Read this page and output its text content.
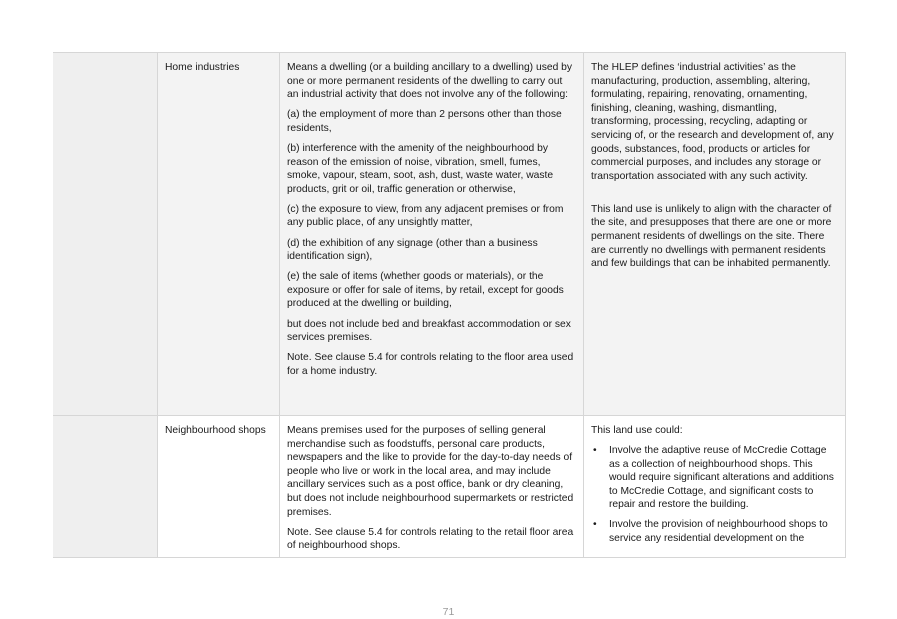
Home industries	Means a dwelling (or a building ancillary to a dwelling) used by one or more permanent residents of the dwelling to carry out an industrial activity that does not involve any of the following:

(a) the employment of more than 2 persons other than those residents,

(b) interference with the amenity of the neighbourhood by reason of the emission of noise, vibration, smell, fumes, smoke, vapour, steam, soot, ash, dust, waste water, waste products, grit or oil, traffic generation or otherwise,

(c) the exposure to view, from any adjacent premises or from any public place, of any unsightly matter,

(d) the exhibition of any signage (other than a business identification sign),

(e) the sale of items (whether goods or materials), or the exposure or offer for sale of items, by retail, except for goods produced at the dwelling or building,

but does not include bed and breakfast accommodation or sex services premises.

Note. See clause 5.4 for controls relating to the floor area used for a home industry.

The HLEP defines ‘industrial activities’ as the manufacturing, production, assembling, altering, formulating, repairing, renovating, ornamenting, finishing, cleaning, washing, dismantling, transforming, processing, recycling, adapting or servicing of, or the research and development of, any goods, substances, food, products or articles for commercial purposes, and includes any storage or transportation associated with any such activity.

This land use is unlikely to align with the character of the site, and presupposes that there are one or more permanent residents of dwellings on the site. There are currently no dwellings with permanent residents and few buildings that can be inhabited permanently.

Neighbourhood shops	Means premises used for the purposes of selling general merchandise such as foodstuffs, personal care products, newspapers and the like to provide for the day-to-day needs of people who live or work in the local area, and may include ancillary services such as a post office, bank or dry cleaning, but does not include neighbourhood supermarkets or restricted premises.

Note. See clause 5.4 for controls relating to the retail floor area of neighbourhood shops.

This land use could:

• Involve the adaptive reuse of McCredie Cottage as a collection of neighbourhood shops. This would require significant alterations and additions to McCredie Cottage, and significant costs to repair and restore the building.
• Involve the provision of neighbourhood shops to service any residential development on the
71
